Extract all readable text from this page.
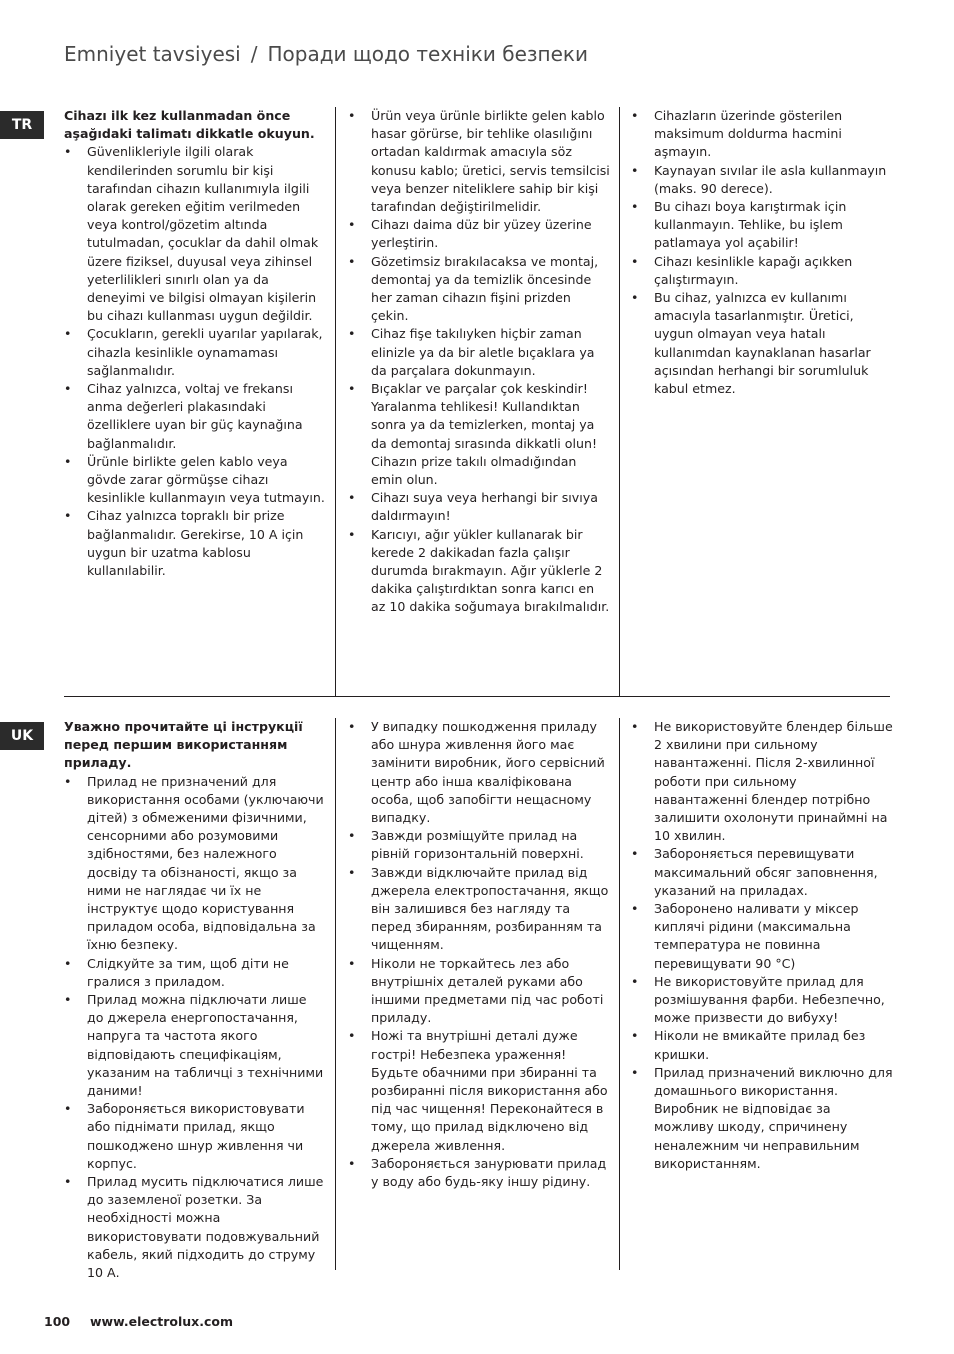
Emniyet tavsiyesi / Поради щодо техніки безпеки
TR
UK

Cihazı ilk kez kullanmadan önce aşağıdaki talimatı dikkatle okuyun.

• Güvenlikleriyle ilgili olarak kendilerinden sorumlu bir kişi tarafından cihazın kullanımıyla ilgili olarak gereken eğitim verilmeden veya kontrol/gözetim altında tutulmadan, çocuklar da dahil olmak üzere fiziksel, duyusal veya zihinsel yeterlilikleri sınırlı olan ya da deneyimi ve bilgisi olmayan kişilerin bu cihazı kullanması uygun değildir.
• Çocukların, gerekli uyarılar yapılarak, cihazla kesinlikle oynamaması sağlanmalıdır.
• Cihaz yalnızca, voltaj ve frekansı anma değerleri plakasındaki özelliklere uyan bir güç kaynağına bağlanmalıdır.
• Ürünle birlikte gelen kablo veya gövde zarar görmüşse cihazı kesinlikle kullanmayın veya tutmayın.
• Cihaz yalnızca topraklı bir prize bağlanmalıdır. Gerekirse, 10 A için uygun bir uzatma kablosu kullanılabilir.
• Ürün veya ürünle birlikte gelen kablo hasar görürse, bir tehlike olasılığını ortadan kaldırmak amacıyla söz konusu kablo; üretici, servis temsilcisi veya benzer niteliklere sahip bir kişi tarafından değiştirilmelidir.
• Cihazı daima düz bir yüzey üzerine yerleştirin.
• Gözetimsiz bırakılacaksa ve montaj, demontaj ya da temizlik öncesinde her zaman cihazın fişini prizden çekin.
• Cihaz fişe takılıyken hiçbir zaman elinizle ya da bir aletle bıçaklara ya da parçalara dokunmayın.
• Bıçaklar ve parçalar çok keskindir! Yaralanma tehlikesi! Kullandıktan sonra ya da temizlerken, montaj ya da demontaj sırasında dikkatli olun! Cihazın prize takılı olmadığından emin olun.
• Cihazı suya veya herhangi bir sıvıya daldırmayın!
• Karıcıyı, ağır yükler kullanarak bir kerede 2 dakikadan fazla çalışır durumda bırakmayın. Ağır yüklerle 2 dakika çalıştırdıktan sonra karıcı en az 10 dakika soğumaya bırakılmalıdır.
• Cihazların üzerinde gösterilen maksimum doldurma hacmini aşmayın.
• Kaynayan sıvılar ile asla kullanmayın (maks. 90 derece).
• Bu cihazı boya karıştırmak için kullanmayın. Tehlike, bu işlem patlamaya yol açabilir!
• Cihazı kesinlikle kapağı açıkken çalıştırmayın.
• Bu cihaz, yalnızca ev kullanımı amacıyla tasarlanmıştır. Üretici, uygun olmayan veya hatalı kullanımdan kaynaklanan hasarlar açısından herhangi bir sorumluluk kabul etmez.

Уважно прочитайте ці інструкції перед першим використанням приладу.

• Прилад не призначений для використання особами (уключаючи дітей) з обмеженими фізичними, сенсорними або розумовими здібностями, без належного досвіду та обізнаності, якщо за ними не наглядає чи їх не інструктує щодо користування приладом особа, відповідальна за їхню безпеку.
• Слідкуйте за тим, щоб діти не гралися з приладом.
• Прилад можна підключати лише до джерела енергопостачання, напруга та частота якого відповідають специфікаціям, указаним на табличці з технічними даними!
• Забороняється використовувати або піднімати прилад, якщо пошкоджено шнур живлення чи корпус.
• Прилад мусить підключатися лише до заземленої розетки. За необхідності можна використовувати подовжувальний кабель, який підходить до струму 10 А.
• У випадку пошкодження приладу або шнура живлення його має замінити виробник, його сервісний центр або інша кваліфікована особа, щоб запобігти нещасному випадку.
• Завжди розміщуйте прилад на рівній горизонтальній поверхні.
• Завжди відключайте прилад від джерела електропостачання, якщо він залишився без нагляду та перед збиранням, розбиранням та чищенням.
• Ніколи не торкайтесь лез або внутрішніх деталей руками або іншими предметами під час роботі приладу.
• Ножі та внутрішні деталі дуже гострі! Небезпека ураження! Будьте обачними при збиранні та розбиранні після використання або під час чищення! Переконайтеся в тому, що прилад відключено від джерела живлення.
• Забороняється занурювати прилад у воду або будь-яку іншу рідину.
• Не використовуйте блендер більше 2 хвилини при сильному навантаженні. Після 2-хвилинної роботи при сильному навантаженні блендер потрібно залишити охолонути принаймні на 10 хвилин.
• Забороняється перевищувати максимальний обсяг заповнення, указаний на приладах.
• Заборонено наливати у міксер киплячі рідини (максимальна температура не повинна перевищувати 90 °C)
• Не використовуйте прилад для розмішування фарби. Небезпечно, може призвести до вибуху!
• Ніколи не вмикайте прилад без кришки.
• Прилад призначений виключно для домашнього використання. Виробник не відповідає за можливу шкоду, спричинену неналежним чи неправильним використанням.
100 www.electrolux.com
